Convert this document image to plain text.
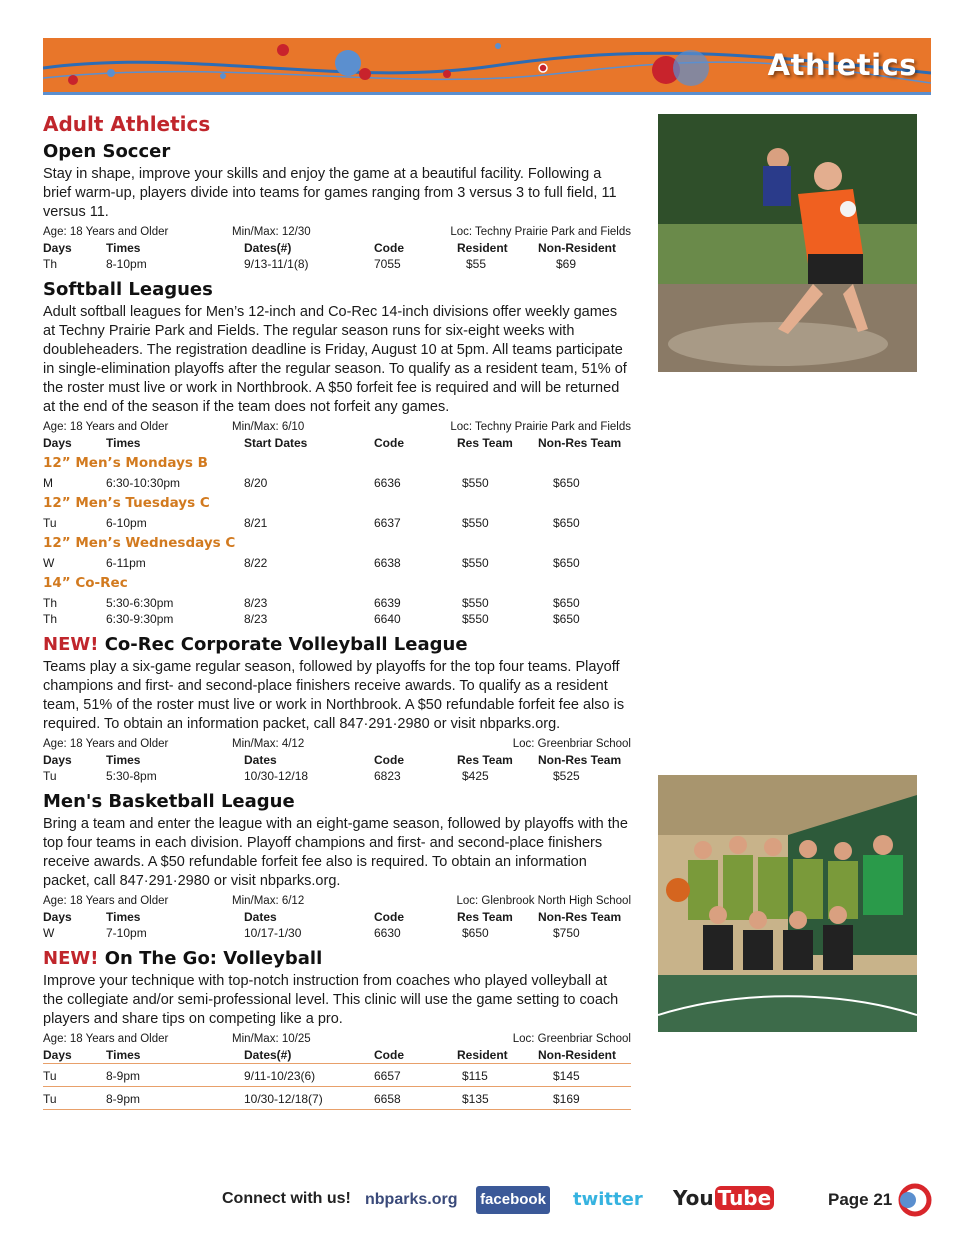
Athletics
Adult Athletics
Open Soccer

Stay in shape, improve your skills and enjoy the game at a beautiful facility. Following a brief warm-up, players divide into teams for games ranging from 3 versus 3 to full field, 11 versus 11.

Age: 18 Years and Older	Min/Max: 12/30	Loc: Techny Prairie Park and Fields
Days	Times	Dates(#)	Code	Resident	Non-Resident
Th	8-10pm	9/13-11/1(8)	7055	$55	$69
Softball Leagues

Adult softball leagues for Men’s 12-inch and Co-Rec 14-inch divisions offer weekly games at Techny Prairie Park and Fields. The regular season runs for six-eight weeks with doubleheaders. The registration deadline is Friday, August 10 at 5pm. All teams participate in single-elimination playoffs after the regular season. To qualify as a resident team, 51% of the roster must live or work in Northbrook. A $50 forfeit fee is required and will be returned at the end of the season if the team does not forfeit any games.

Age: 18 Years and Older	Min/Max: 6/10	Loc: Techny Prairie Park and Fields
Days	Times	Start Dates	Code	Res Team	Non-Res Team
12” Men’s Mondays B
M	6:30-10:30pm	8/20	6636	$550	$650
12” Men’s Tuesdays C
Tu	6-10pm	8/21	6637	$550	$650
12” Men’s Wednesdays C
W	6-11pm	8/22	6638	$550	$650
14” Co-Rec
Th	5:30-6:30pm	8/23	6639	$550	$650
Th	6:30-9:30pm	8/23	6640	$550	$650
NEW! Co-Rec Corporate Volleyball League

Teams play a six-game regular season, followed by playoffs for the top four teams. Playoff champions and first- and second-place finishers receive awards. To qualify as a resident team, 51% of the roster must live or work in Northbrook. A $50 refundable forfeit fee also is required. To obtain an information packet, call 847·291·2980 or visit nbparks.org.

Age: 18 Years and Older	Min/Max: 4/12	Loc: Greenbriar School
Days	Times	Dates	Code	Res Team	Non-Res Team
Tu	5:30-8pm	10/30-12/18	6823	$425	$525
Men's Basketball League

Bring a team and enter the league with an eight-game season, followed by playoffs with the top four teams in each division. Playoff champions and first- and second-place finishers receive awards. A $50 refundable forfeit fee also is required. To obtain an information packet, call 847·291·2980 or visit nbparks.org.

Age: 18 Years and Older	Min/Max: 6/12	Loc: Glenbrook North High School
Days	Times	Dates	Code	Res Team	Non-Res Team
W	7-10pm	10/17-1/30	6630	$650	$750
NEW! On The Go: Volleyball

Improve your technique with top-notch instruction from coaches who played volleyball at the collegiate and/or semi-professional level. This clinic will use the game setting to coach players and share tips on competing like a pro.

Age: 18 Years and Older	Min/Max: 10/25	Loc: Greenbriar School
Days	Times	Dates(#)	Code	Resident	Non-Resident
Tu	8-9pm	9/11-10/23(6)	6657	$115	$145
Tu	8-9pm	10/30-12/18(7)	6658	$135	$169
Connect with us! nbparks.org facebook twitter You Tube	Page 21
